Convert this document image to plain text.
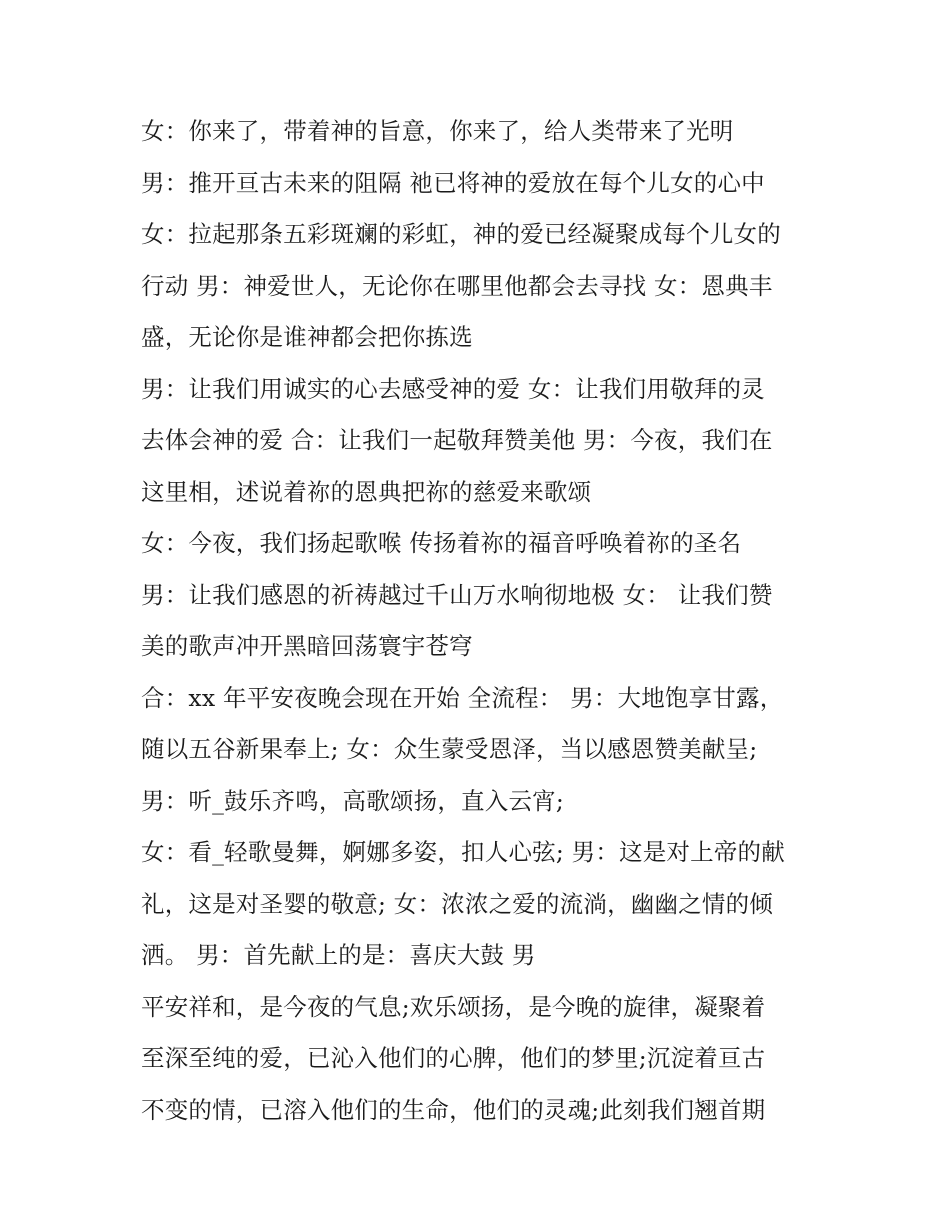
女：你来了，带着神的旨意，你来了，给人类带来了光明
男：推开亘古未来的阻隔 祂已将神的爱放在每个儿女的心中
女：拉起那条五彩斑斓的彩虹，神的爱已经凝聚成每个儿女的
行动 男：神爱世人，无论你在哪里他都会去寻找 女：恩典丰
盛，无论你是谁神都会把你拣选
男：让我们用诚实的心去感受神的爱 女：让我们用敬拜的灵
去体会神的爱 合：让我们一起敬拜赞美他 男：今夜，我们在
这里相，述说着祢的恩典把祢的慈爱来歌颂
女：今夜，我们扬起歌喉 传扬着祢的福音呼唤着祢的圣名
男：让我们感恩的祈祷越过千山万水响彻地极 女： 让我们赞
美的歌声冲开黑暗回荡寰宇苍穹
合：xx 年平安夜晚会现在开始 全流程： 男：大地饱享甘露，
随以五谷新果奉上; 女：众生蒙受恩泽，当以感恩赞美献呈;
男：听_鼓乐齐鸣，高歌颂扬，直入云宵;
女：看_轻歌曼舞，婀娜多姿，扣人心弦; 男：这是对上帝的献
礼，这是对圣婴的敬意; 女：浓浓之爱的流淌，幽幽之情的倾
洒。 男：首先献上的是：喜庆大鼓 男
平安祥和，是今夜的气息;欢乐颂扬，是今晚的旋律，凝聚着
至深至纯的爱，已沁入他们的心脾，他们的梦里;沉淀着亘古
不变的情，已溶入他们的生命，他们的灵魂;此刻我们翘首期
